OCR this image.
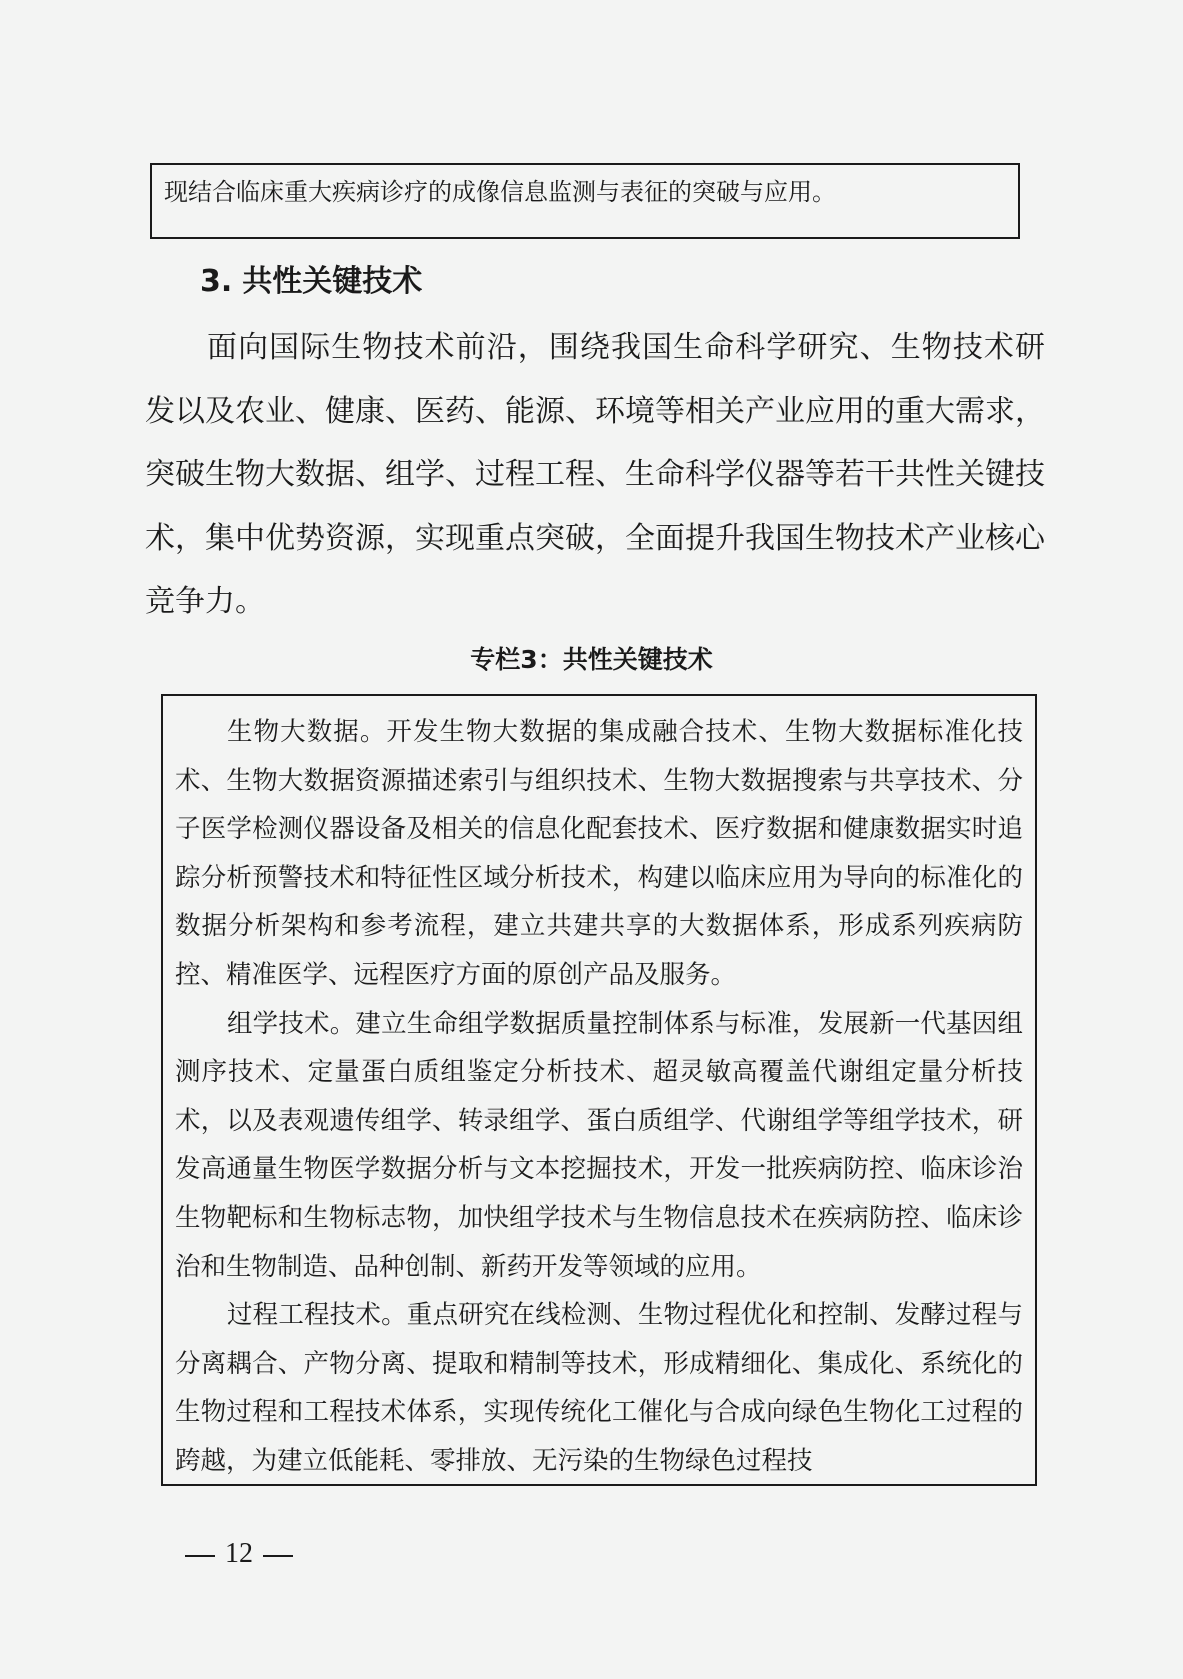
现结合临床重大疾病诊疗的成像信息监测与表征的突破与应用。
3. 共性关键技术

面向国际生物技术前沿，围绕我国生命科学研究、生物技术研发以及农业、健康、医药、能源、环境等相关产业应用的重大需求，突破生物大数据、组学、过程工程、生命科学仪器等若干共性关键技术，集中优势资源，实现重点突破，全面提升我国生物技术产业核心竞争力。

专栏3：共性关键技术

生物大数据。开发生物大数据的集成融合技术、生物大数据标准化技术、生物大数据资源描述索引与组织技术、生物大数据搜索与共享技术、分子医学检测仪器设备及相关的信息化配套技术、医疗数据和健康数据实时追踪分析预警技术和特征性区域分析技术，构建以临床应用为导向的标准化的数据分析架构和参考流程，建立共建共享的大数据体系，形成系列疾病防控、精准医学、远程医疗方面的原创产品及服务。

组学技术。建立生命组学数据质量控制体系与标准，发展新一代基因组测序技术、定量蛋白质组鉴定分析技术、超灵敏高覆盖代谢组定量分析技术，以及表观遗传组学、转录组学、蛋白质组学、代谢组学等组学技术，研发高通量生物医学数据分析与文本挖掘技术，开发一批疾病防控、临床诊治生物靶标和生物标志物，加快组学技术与生物信息技术在疾病防控、临床诊治和生物制造、品种创制、新药开发等领域的应用。

过程工程技术。重点研究在线检测、生物过程优化和控制、发酵过程与分离耦合、产物分离、提取和精制等技术，形成精细化、集成化、系统化的生物过程和工程技术体系，实现传统化工催化与合成向绿色生物化工过程的跨越，为建立低能耗、零排放、无污染的生物绿色过程技

12
